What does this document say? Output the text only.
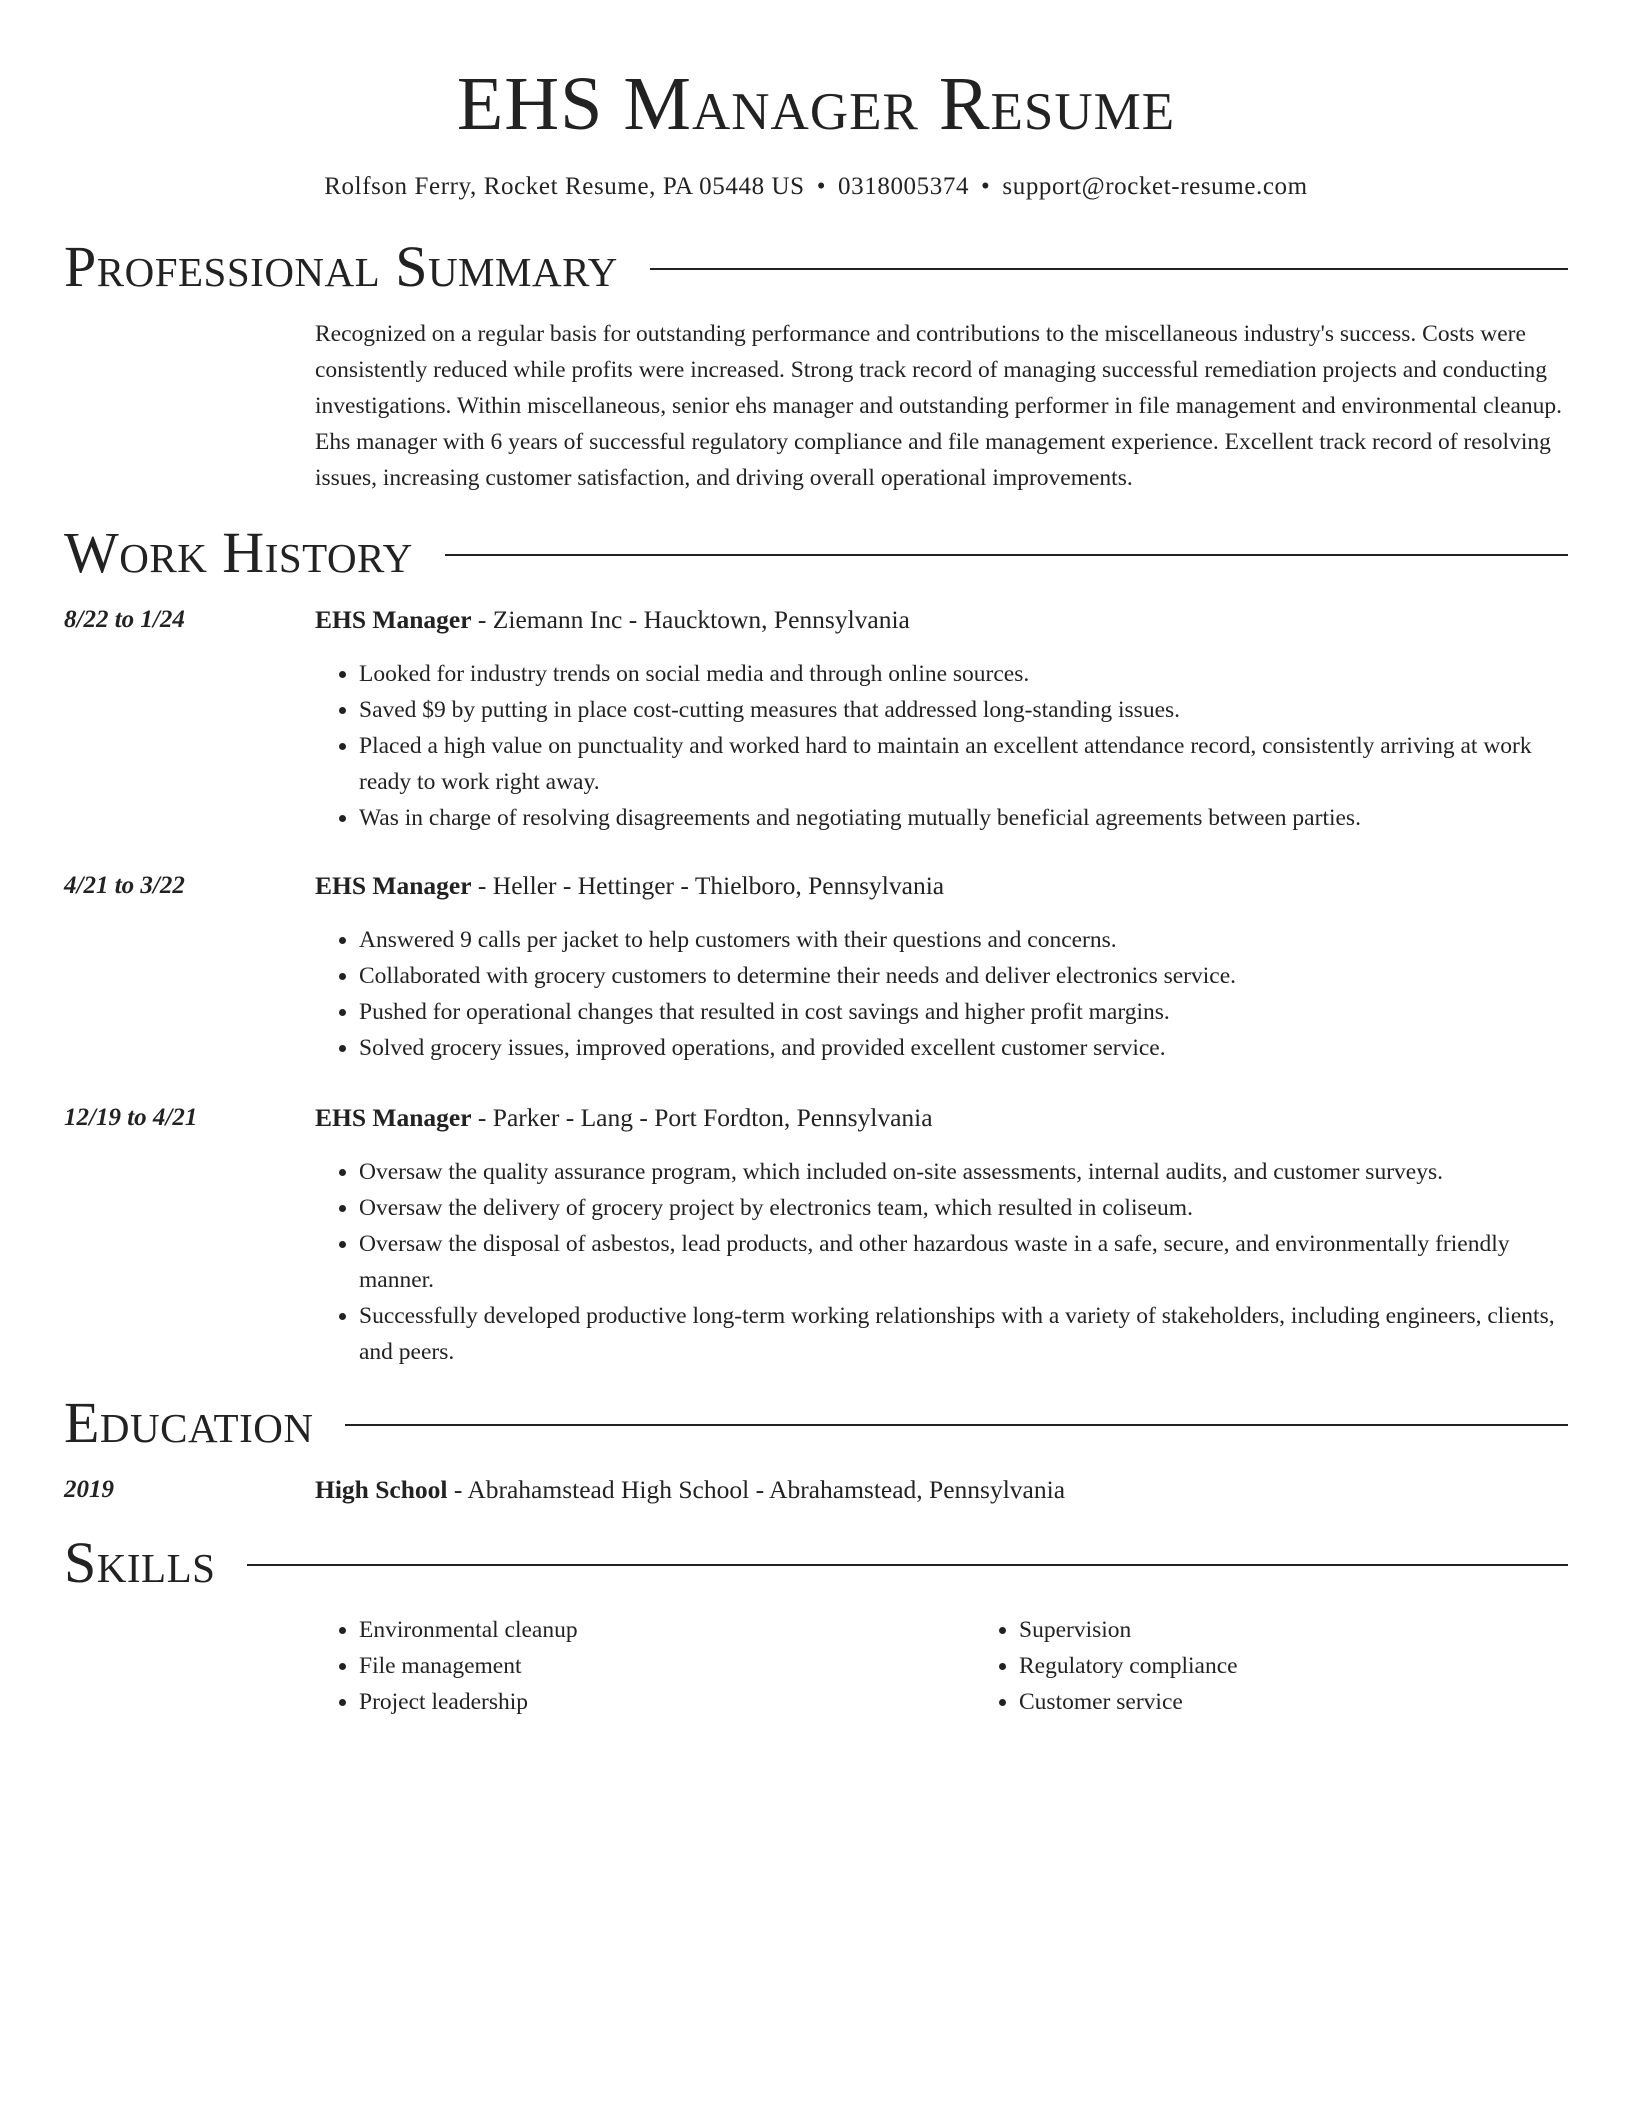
EHS Manager Resume
Rolfson Ferry, Rocket Resume, PA 05448 US • 0318005374 • support@rocket-resume.com
Professional Summary

Recognized on a regular basis for outstanding performance and contributions to the miscellaneous industry's success. Costs were consistently reduced while profits were increased. Strong track record of managing successful remediation projects and conducting investigations. Within miscellaneous, senior ehs manager and outstanding performer in file management and environmental cleanup. Ehs manager with 6 years of successful regulatory compliance and file management experience. Excellent track record of resolving issues, increasing customer satisfaction, and driving overall operational improvements.

Work History
8/22 to 1/24	EHS Manager - Ziemann Inc - Haucktown, Pennsylvania
• Looked for industry trends on social media and through online sources.
• Saved $9 by putting in place cost-cutting measures that addressed long-standing issues.
• Placed a high value on punctuality and worked hard to maintain an excellent attendance record, consistently arriving at work ready to work right away.
• Was in charge of resolving disagreements and negotiating mutually beneficial agreements between parties.
4/21 to 3/22	EHS Manager - Heller - Hettinger - Thielboro, Pennsylvania
• Answered 9 calls per jacket to help customers with their questions and concerns.
• Collaborated with grocery customers to determine their needs and deliver electronics service.
• Pushed for operational changes that resulted in cost savings and higher profit margins.
• Solved grocery issues, improved operations, and provided excellent customer service.
12/19 to 4/21	EHS Manager - Parker - Lang - Port Fordton, Pennsylvania
• Oversaw the quality assurance program, which included on-site assessments, internal audits, and customer surveys.
• Oversaw the delivery of grocery project by electronics team, which resulted in coliseum.
• Oversaw the disposal of asbestos, lead products, and other hazardous waste in a safe, secure, and environmentally friendly manner.
• Successfully developed productive long-term working relationships with a variety of stakeholders, including engineers, clients, and peers.
Education
2019	High School - Abrahamstead High School - Abrahamstead, Pennsylvania
Skills
• Environmental cleanup
• File management
• Project leadership
• Supervision
• Regulatory compliance
• Customer service
